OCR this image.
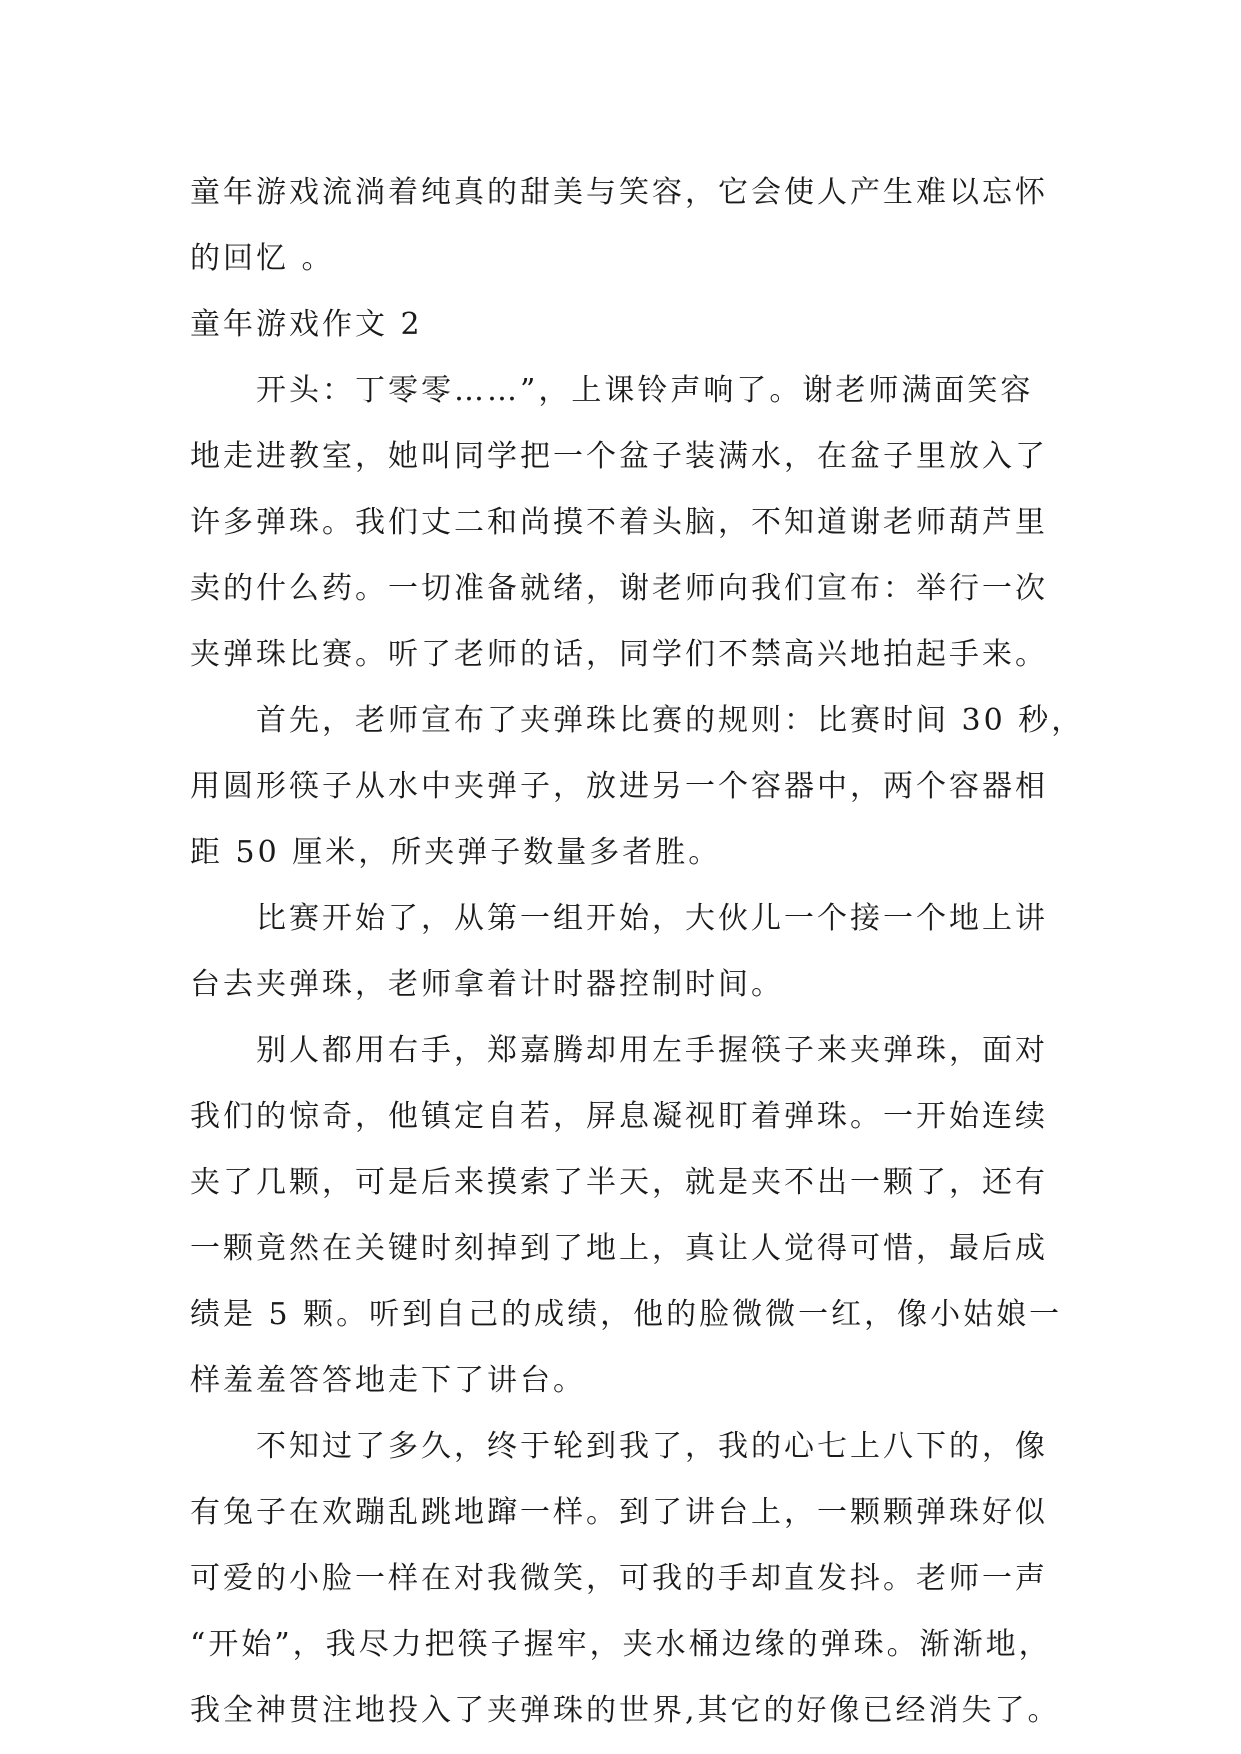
童年游戏流淌着纯真的甜美与笑容，它会使人产生难以忘怀
的回忆 。
童年游戏作文 2
开头：丁零零……”，上课铃声响了。谢老师满面笑容
地走进教室，她叫同学把一个盆子装满水，在盆子里放入了
许多弹珠。我们丈二和尚摸不着头脑，不知道谢老师葫芦里
卖的什么药。一切准备就绪，谢老师向我们宣布：举行一次
夹弹珠比赛。听了老师的话，同学们不禁高兴地拍起手来。
首先，老师宣布了夹弹珠比赛的规则：比赛时间 30 秒，
用圆形筷子从水中夹弹子，放进另一个容器中，两个容器相
距 50 厘米，所夹弹子数量多者胜。
比赛开始了，从第一组开始，大伙儿一个接一个地上讲
台去夹弹珠，老师拿着计时器控制时间。
别人都用右手，郑嘉腾却用左手握筷子来夹弹珠，面对
我们的惊奇，他镇定自若，屏息凝视盯着弹珠。一开始连续
夹了几颗，可是后来摸索了半天，就是夹不出一颗了，还有
一颗竟然在关键时刻掉到了地上，真让人觉得可惜，最后成
绩是 5 颗。听到自己的成绩，他的脸微微一红，像小姑娘一
样羞羞答答地走下了讲台。
不知过了多久，终于轮到我了，我的心七上八下的，像
有兔子在欢蹦乱跳地蹿一样。到了讲台上，一颗颗弹珠好似
可爱的小脸一样在对我微笑，可我的手却直发抖。老师一声
“开始”，我尽力把筷子握牢，夹水桶边缘的弹珠。渐渐地，
我全神贯注地投入了夹弹珠的世界,其它的好像已经消失了。
